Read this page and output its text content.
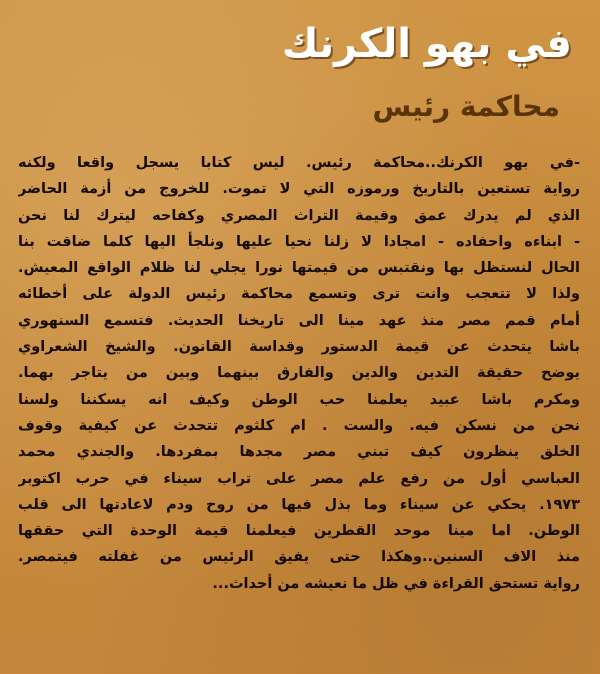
في بهو الكرنك
محاكمة رئيس
-في بهو الكرنك..محاكمة رئيس. ليس كتابا يسجل واقعا ولكنه
رواية تستعين بالتاريخ ورموزه التي لا تموت. للخروج من أزمة الحاضر
الذي لم يدرك عمق وقيمة التراث المصري وكفاحه ليترك لنا نحن
- ابناءه واحفاده - امجادا لا زلنا نحيا عليها ونلجأ اليها كلما ضاقت بنا
الحال لنستظل بها ونقتبس من قيمتها نورا يجلي لنا ظلام الواقع المعيش.
ولذا لا تتعجب وانت ترى وتسمع محاكمة رئيس الدولة على أخطائه
أمام قمم مصر منذ عهد مينا الى تاريخنا الحديث. فتسمع السنهوري
باشا يتحدث عن قيمة الدستور وقداسة القانون. والشيخ الشعراوي
يوضح حقيقة التدين والدين والفارق بينهما وبين من يتاجر بهما.
ومكرم باشا عبيد يعلمنا حب الوطن وكيف انه يسكننا ولسنا
نحن من نسكن فيه. والست . ام كلثوم تتحدث عن كيفية وقوف
الخلق ينظرون كيف تبني مصر مجدها بمفردها. والجندي محمد
العباسي أول من رفع علم مصر على تراب سيناء في حرب اكتوبر
١٩٧٣. يحكي عن سيناء وما بذل فيها من روح ودم لاعادتها الى قلب
الوطن. اما مينا موحد القطرين فيعلمنا قيمة الوحدة التي حققها
منذ الاف السنين..وهكذا حتى يفيق الرئيس من غفلته فيتمصر.
رواية تستحق القراءة في ظل ما نعيشه من أحداث...
